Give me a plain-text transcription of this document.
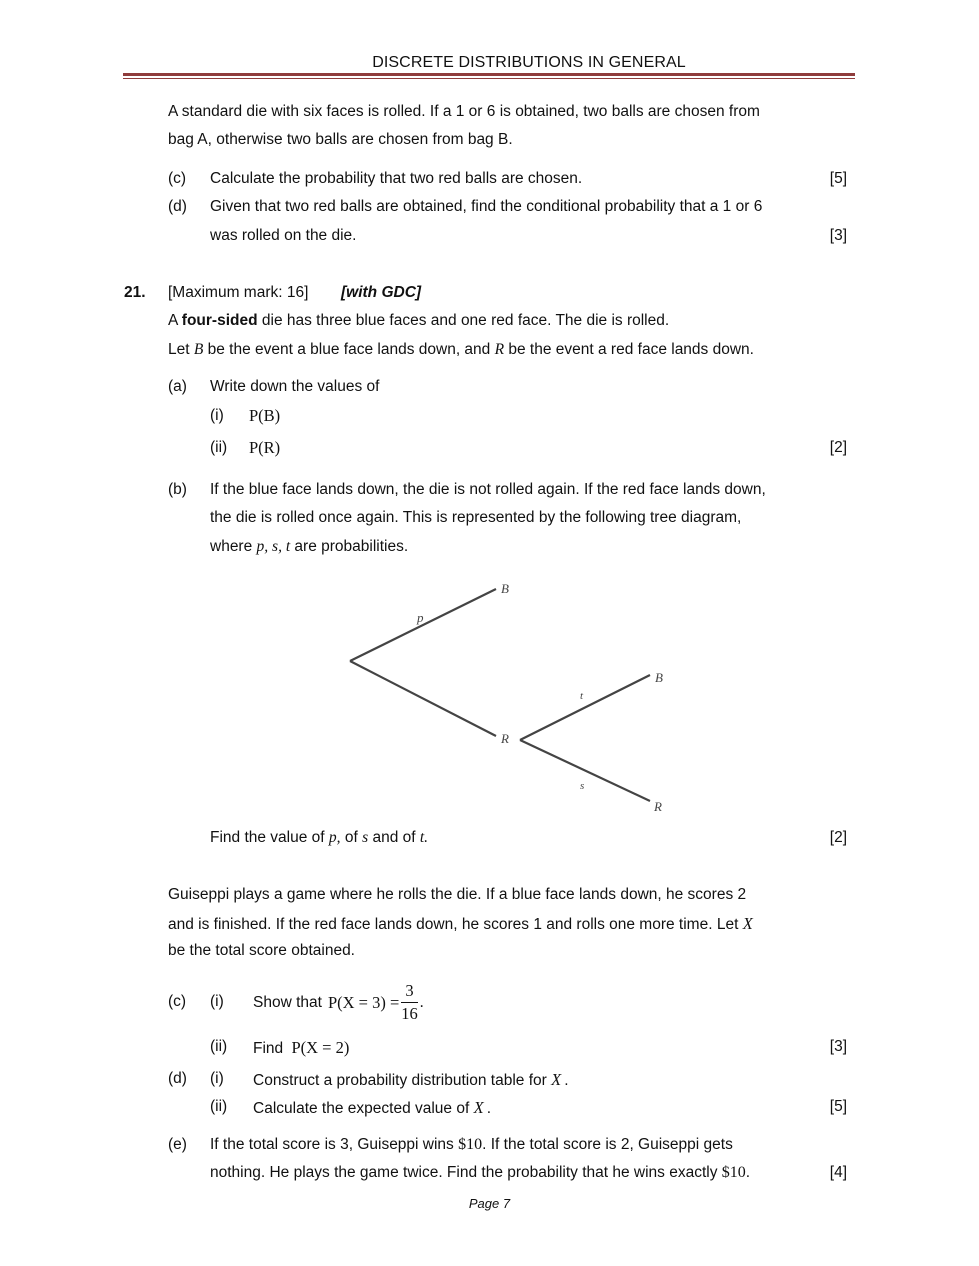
DISCRETE DISTRIBUTIONS IN GENERAL
A standard die with six faces is rolled. If a 1 or 6 is obtained, two balls are chosen from
bag A, otherwise two balls are chosen from bag B.
(c) Calculate the probability that two red balls are chosen.	[5]
(d) Given that two red balls are obtained, find the conditional probability that a 1 or 6
was rolled on the die.	[3]
21. [Maximum mark: 16] [with GDC]
A four-sided die has three blue faces and one red face. The die is rolled.
Let B be the event a blue face lands down, and R be the event a red face lands down.
(a) Write down the values of
(i) P(B)
(ii) P(R)	[2]
(b) If the blue face lands down, the die is not rolled again. If the red face lands down,
the die is rolled once again. This is represented by the following tree diagram,
where p, s, t are probabilities.
B
p
R
B
t
s
R
Find the value of p, of s and of t.	[2]
Guiseppi plays a game where he rolls the die. If a blue face lands down, he scores 2
and is finished. If the red face lands down, he scores 1 and rolls one more time. Let X
be the total score obtained.
(c) (i) Show that $P(X = 3) = \frac{3}{16}$ .
(ii) Find P(X = 2)	[3]
(d) (i) Construct a probability distribution table for X .
(ii) Calculate the expected value of X .	[5]
(e) If the total score is 3, Guiseppi wins $10. If the total score is 2, Guiseppi gets
nothing. He plays the game twice. Find the probability that he wins exactly $10.	[4]
Page 7
